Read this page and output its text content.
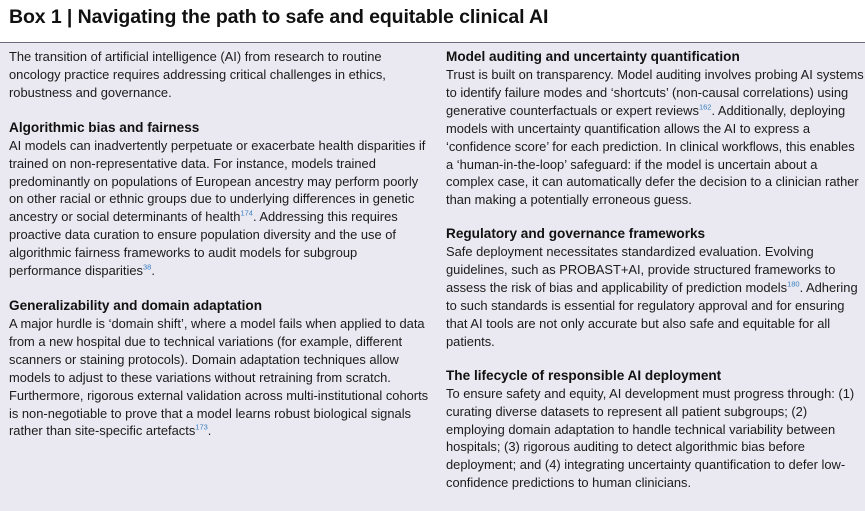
Box 1 | Navigating the path to safe and equitable clinical AI

The transition of artificial intelligence (AI) from research to routine oncology practice requires addressing critical challenges in ethics, robustness and governance.

Algorithmic bias and fairness

AI models can inadvertently perpetuate or exacerbate health disparities if trained on non-representative data. For instance, models trained predominantly on populations of European ancestry may perform poorly on other racial or ethnic groups due to underlying differences in genetic ancestry or social determinants of health$^{174}$. Addressing this requires proactive data curation to ensure population diversity and the use of algorithmic fairness frameworks to audit models for subgroup performance disparities$^{38}$.

Generalizability and domain adaptation

A major hurdle is ‘domain shift’, where a model fails when applied to data from a new hospital due to technical variations (for example, different scanners or staining protocols). Domain adaptation techniques allow models to adjust to these variations without retraining from scratch. Furthermore, rigorous external validation across multi-institutional cohorts is non-negotiable to prove that a model learns robust biological signals rather than site-specific artefacts$^{173}$.

Model auditing and uncertainty quantification

Trust is built on transparency. Model auditing involves probing AI systems to identify failure modes and ‘shortcuts’ (non-causal correlations) using generative counterfactuals or expert reviews$^{162}$. Additionally, deploying models with uncertainty quantification allows the AI to express a ‘confidence score’ for each prediction. In clinical workflows, this enables a ‘human-in-the-loop’ safeguard: if the model is uncertain about a complex case, it can automatically defer the decision to a clinician rather than making a potentially erroneous guess.

Regulatory and governance frameworks

Safe deployment necessitates standardized evaluation. Evolving guidelines, such as PROBAST+AI, provide structured frameworks to assess the risk of bias and applicability of prediction models$^{180}$. Adhering to such standards is essential for regulatory approval and for ensuring that AI tools are not only accurate but also safe and equitable for all patients.

The lifecycle of responsible AI deployment

To ensure safety and equity, AI development must progress through: (1) curating diverse datasets to represent all patient subgroups; (2) employing domain adaptation to handle technical variability between hospitals; (3) rigorous auditing to detect algorithmic bias before deployment; and (4) integrating uncertainty quantification to defer low-confidence predictions to human clinicians.
